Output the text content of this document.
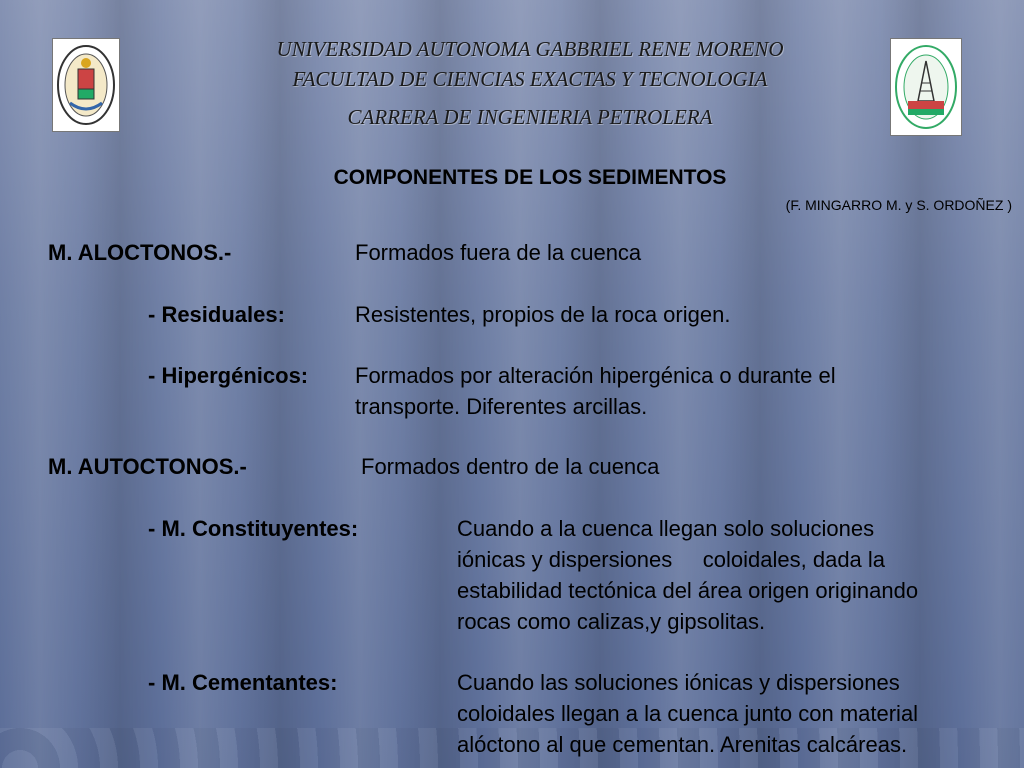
UNIVERSIDAD AUTONOMA GABBRIEL RENE MORENO
FACULTAD DE CIENCIAS EXACTAS Y TECNOLOGIA
CARRERA DE INGENIERIA PETROLERA
COMPONENTES DE LOS SEDIMENTOS
(F. MINGARRO M. y S. ORDOÑEZ )
M. ALOCTONOS.-	Formados fuera de la cuenca
- Residuales:	Resistentes, propios de la roca origen.
- Hipergénicos: Formados por alteración hipergénica o durante el
transporte. Diferentes arcillas.
M. AUTOCTONOS.-	Formados dentro de la cuenca
- M. Constituyentes:	Cuando a la cuenca llegan solo soluciones
iónicas y dispersiones     coloidales, dada la
estabilidad tectónica del área origen originando
rocas como calizas,y gipsolitas.
- M. Cementantes:	Cuando las soluciones iónicas y dispersiones
coloidales llegan a la cuenca junto con material
alóctono al que cementan. Arenitas calcáreas.
